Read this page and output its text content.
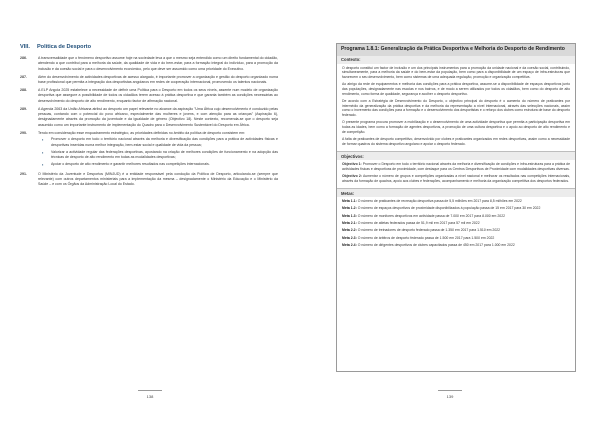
VIII. Política de Desporto
286.	A transversalidade que o fenómeno desportivo assume hoje na sociedade leva a que o mesmo seja entendido como um direito fundamental do cidadão, atendendo a que contribui para a melhoria da saúde, da qualidade de vida e do bem-estar, para a formação integral do indivíduo, para a promoção da inclusão e da coesão social e para o desenvolvimento económico, pelo que deve ser assumido como uma prioridade do Executivo.

287.	Além do desenvolvimento de actividades desportivas de acesso alargado, é importante promover a organização e gestão do desporto organizado numa base profissional que permita a integração dos desportistas angolanos em redes de cooperação internacional, promovendo os talentos nacionais.

288.	A ELP Angola 2025 estabelece a necessidade de definir uma Política para o Desporto em todos os seus níveis, assente num modelo de organização desportiva que assegure a possibilidade de todos os cidadãos terem acesso à prática desportiva e que garanta também as condições necessárias ao desenvolvimento do desporto de alto rendimento, enquanto factor de afirmação nacional.

289.	A Agenda 2063 da União Africana atribui ao desporto um papel relevante no alcance da aspiração "Uma África cujo desenvolvimento é conduzido pelas pessoas, contando com o potencial do povo africano, especialmente das mulheres e jovens, e com atenção para as crianças" (Aspiração 6), designadamente através da promoção da juventude e da igualdade de género (Objectivo 18). Neste contexto, recomenda-se que o desporto seja assumido como um importante instrumento de implementação do Quadro para o Desenvolvimento Sustentável do Desporto em África.

290.	Tendo em consideração esse enquadramento estratégico, as prioridades definidas no âmbito da política de desporto consistem em:

▪	Promover o desporto em todo o território nacional através da melhoria e diversificação das condições para a prática de actividades físicas e desportivas inseridas numa melhor integração, bem-estar social e qualidade de vida da pessoa;
▪	Valorizar a actividade regular das federações desportivas, apostando na criação de melhores condições de funcionamento e na adopção das técnicas de desporto de alto rendimento em todas as modalidades desportivas;
▪	Apoiar o desporto de alto rendimento e garantir melhores resultados nas competições internacionais.
291.	O Ministério da Juventude e Desportos (MINJUD) é a entidade responsável pela condução da Política de Desporto, articulando-se (sempre que relevante) com outros departamentos ministeriais para a implementação da mesma – designadamente o Ministério da Educação e o Ministério da Saúde – e com os Órgãos da Administração Local do Estado.

138	139
Programa 1.8.1: Generalização da Prática Desportiva e Melhoria do Desporto de Rendimento
Contexto:

O desporto constitui um factor de inclusão e um dos principais instrumentos para a promoção da unidade nacional e da coesão social, contribuindo, simultaneamente, para a melhoria da saúde e do bem-estar da população, bem como para a disponibilidade de um espaço de infra-estruturas que favorecem o seu desenvolvimento, bem como sistemas de uma adequada regulação, promoção e organização competitiva.

Ao abrigo da rede de equipamentos e melhoria das condições para a prática desportiva, assume-se a disponibilidade de espaços desportivos junto das populações, designadamente nas escolas e nos bairros, e de modo a serem utilizados por todos os cidadãos, bem como do desporto de alto rendimento, como forma de qualidade, segurança e acolher o desporto desportivo.

De acordo com a Estratégia de Desenvolvimento do Desporto, o objectivo principal do desporto é o aumento do número de praticantes por intermédio da generalização da prática desportiva e da melhoria da representação a nível internacional, através das selecções nacionais, assim como o incremento das condições para a formação e o desenvolvimento dos desportistas e o reforço dos clubes como estrutura de base do desporto federado.

O presente programa procura promover a mobilização e o desenvolvimento de uma actividade desportiva que permita a participação desportiva em todas as idades, bem como a formação de agentes desportivos, a promoção de uma cultura desportiva e o apoio ao desporto de alto rendimento e de competição.

A falta de praticantes de desporto competitivo, desenvolvido por clubes e praticantes organizados em redes desportivas, assim como a necessidade de formar quadros do sistema desportivo angolano e apoiar o desporto federado.

Objectivos:

Objectivo 1: Promover o Desporto em todo o território nacional através da melhoria e diversificação de condições e infra-estruturas para a prática de actividades físicas e desportivas de proximidade, com destaque para os Centros Desportivos de Proximidade com modalidades desportivas diversas.

Objectivo 2: Aumentar o número de grupos e competições organizadas a nível nacional e melhorar os resultados nas competições internacionais, através da formação de quadros, apoio aos clubes e federações, acompanhamento e melhoria da organização competitiva dos desportos federados.

Metas:

Meta 1.1: O número de praticantes de recreação desportiva passa de 5,5 milhões em 2017 para 8,5 milhões em 2022

Meta 1.2: O número de espaços desportivos de proximidade disponibilizados à população passa de 15 em 2017 para 30 em 2022

Meta 1.3: O número de monitores desportivos em actividade passa de 7.000 em 2017 para 8.000 em 2022

Meta 2.1: O número de atletas federados passa de 51,9 mil em 2017 para 57 mil em 2022

Meta 2.2: O número de treinadores de desporto federado passa de 1.350 em 2017 para 1.510 em 2022

Meta 2.3: O número de árbitros de desporto federado passa de 1.500 em 2017 para 1.500 em 2022

Meta 2.4: O número de dirigentes desportivos de clubes capacitados passa de 450 em 2017 para 1.000 em 2022
